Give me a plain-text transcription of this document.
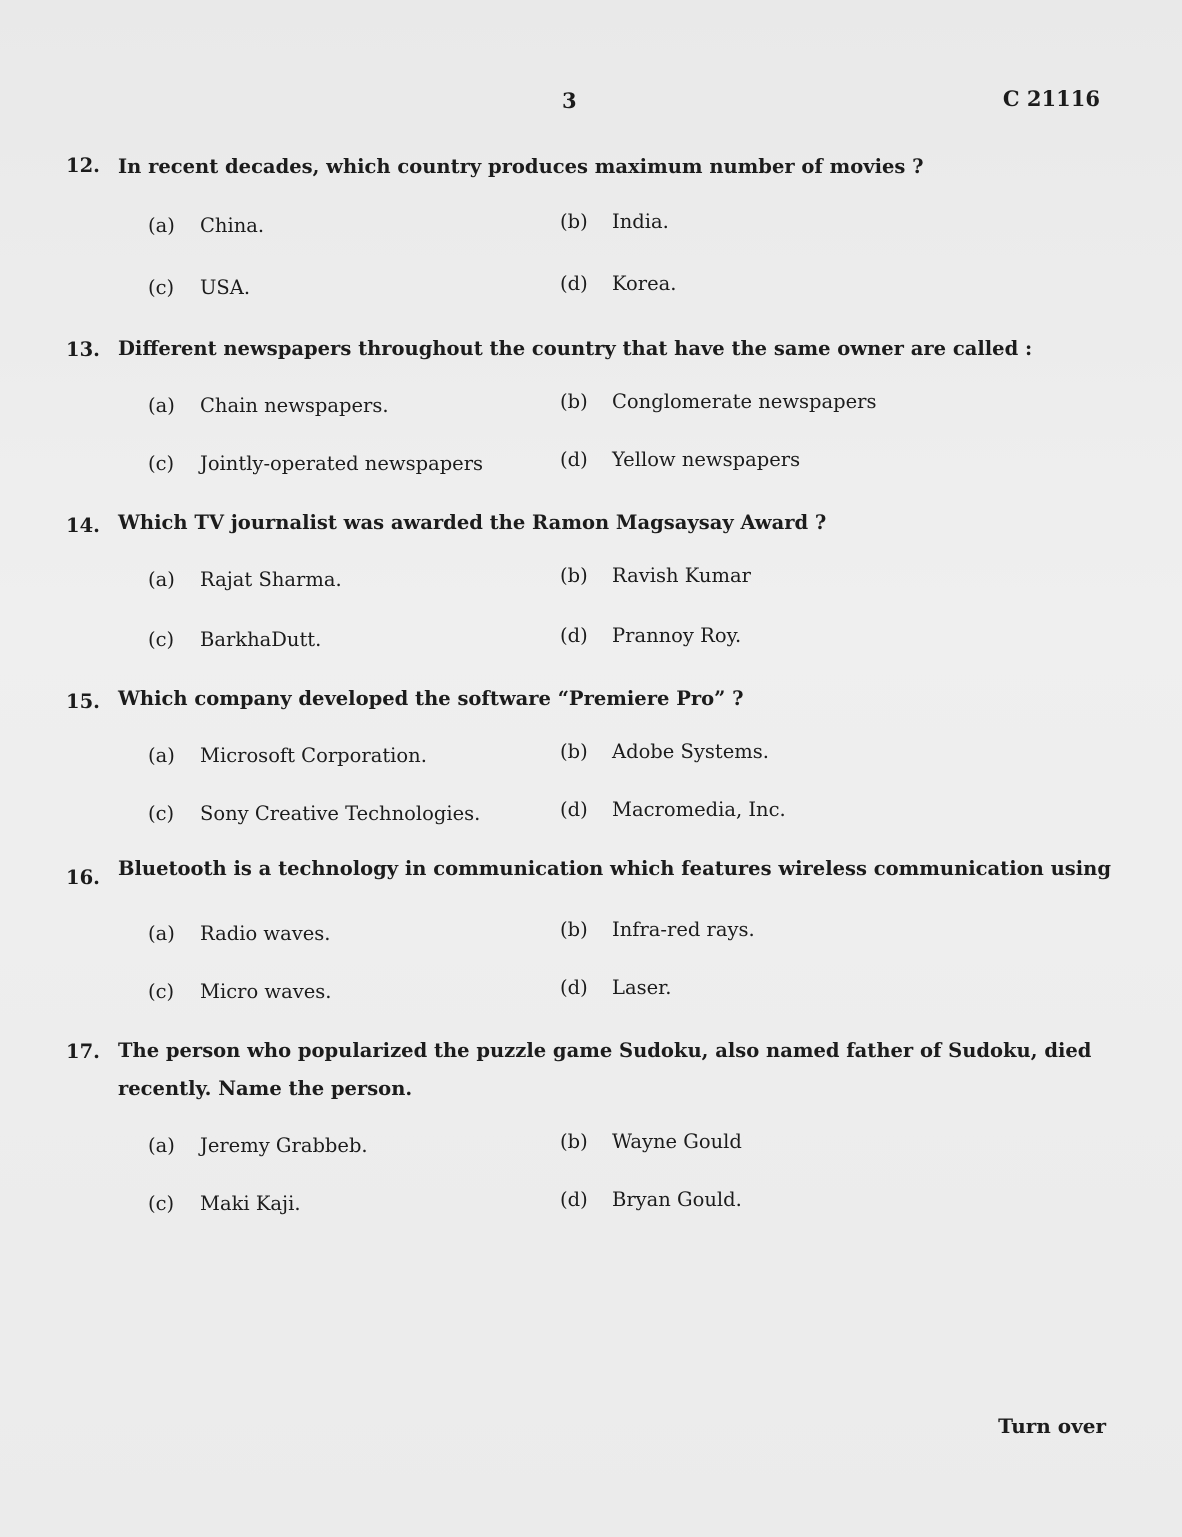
3	C 21116
12. In recent decades, which country produces maximum number of movies ?
(a) China.	(b) India.
(c) USA.	(d) Korea.
13. Different newspapers throughout the country that have the same owner are called :
(a) Chain newspapers.	(b) Conglomerate newspapers
(c) Jointly-operated newspapers	(d) Yellow newspapers
14. Which TV journalist was awarded the Ramon Magsaysay Award ?
(a) Rajat Sharma.	(b) Ravish Kumar
(c) BarkhaDutt.	(d) Prannoy Roy.
15. Which company developed the software “Premiere Pro” ?
(a) Microsoft Corporation.	(b) Adobe Systems.
(c) Sony Creative Technologies.	(d) Macromedia, Inc.
16. Bluetooth is a technology in communication which features wireless communication using
(a) Radio waves.	(b) Infra-red rays.
(c) Micro waves.	(d) Laser.
17. The person who popularized the puzzle game Sudoku, also named father of Sudoku, died recently. Name the person.
(a) Jeremy Grabbeb.	(b) Wayne Gould
(c) Maki Kaji.	(d) Bryan Gould.
Turn over
